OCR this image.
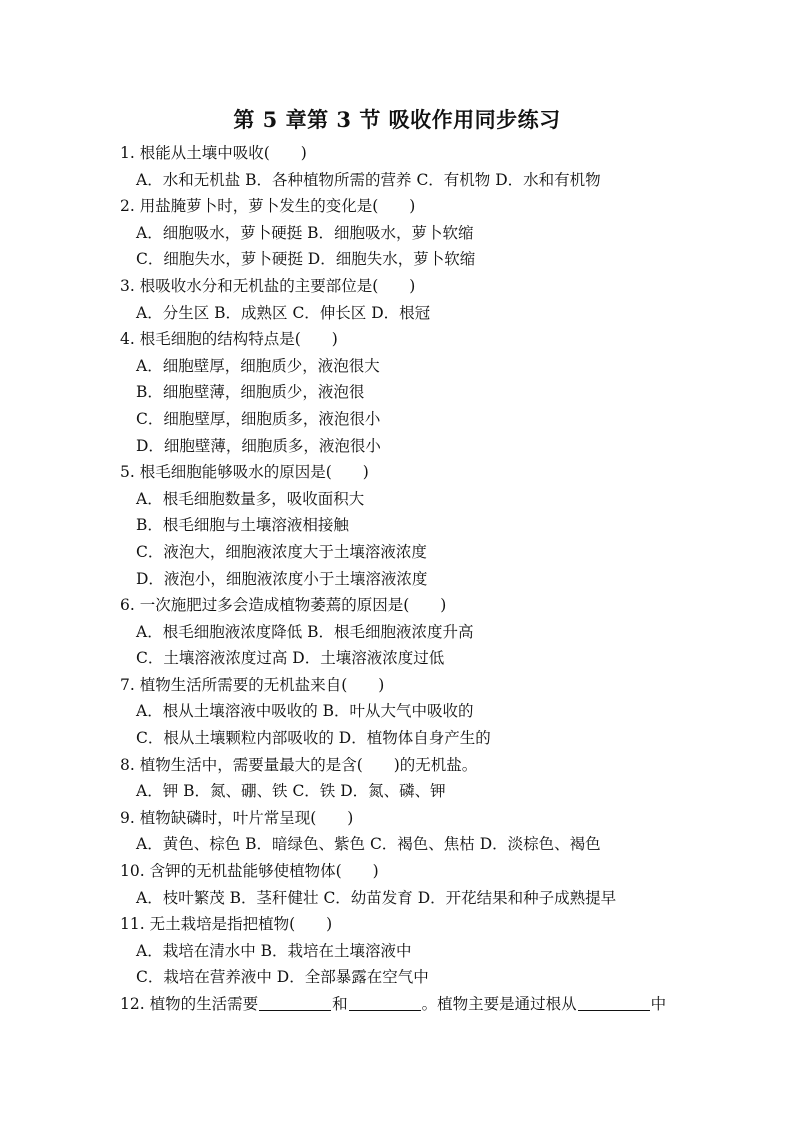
第 5 章第 3 节 吸收作用同步练习
1. 根能从土壤中吸收(　　)
A．水和无机盐 B．各种植物所需的营养 C．有机物 D．水和有机物
2. 用盐腌萝卜时，萝卜发生的变化是(　　)
A．细胞吸水，萝卜硬挺 B．细胞吸水，萝卜软缩
C．细胞失水，萝卜硬挺 D．细胞失水，萝卜软缩
3. 根吸收水分和无机盐的主要部位是(　　)
A．分生区 B．成熟区 C．伸长区 D．根冠
4. 根毛细胞的结构特点是(　　)
A．细胞壁厚，细胞质少，液泡很大
B．细胞壁薄，细胞质少，液泡很
C．细胞壁厚，细胞质多，液泡很小
D．细胞壁薄，细胞质多，液泡很小
5. 根毛细胞能够吸水的原因是(　　)
A．根毛细胞数量多，吸收面积大
B．根毛细胞与土壤溶液相接触
C．液泡大，细胞液浓度大于土壤溶液浓度
D．液泡小，细胞液浓度小于土壤溶液浓度
6. 一次施肥过多会造成植物萎蔫的原因是(　　)
A．根毛细胞液浓度降低 B．根毛细胞液浓度升高
C．土壤溶液浓度过高 D．土壤溶液浓度过低
7. 植物生活所需要的无机盐来自(　　)
A．根从土壤溶液中吸收的 B．叶从大气中吸收的
C．根从土壤颗粒内部吸收的 D．植物体自身产生的
8. 植物生活中，需要量最大的是含(　　)的无机盐。
A．钾 B．氮、硼、铁 C．铁 D．氮、磷、钾
9. 植物缺磷时，叶片常呈现(　　)
A．黄色、棕色 B．暗绿色、紫色 C．褐色、焦枯 D．淡棕色、褐色
10. 含钾的无机盐能够使植物体(　　)
A．枝叶繁茂 B．茎秆健壮 C．幼苗发育 D．开花结果和种子成熟提早
11. 无土栽培是指把植物(　　)
A．栽培在清水中 B．栽培在土壤溶液中
C．栽培在营养液中 D．全部暴露在空气中
12. 植物的生活需要	和	。植物主要是通过根从	中
